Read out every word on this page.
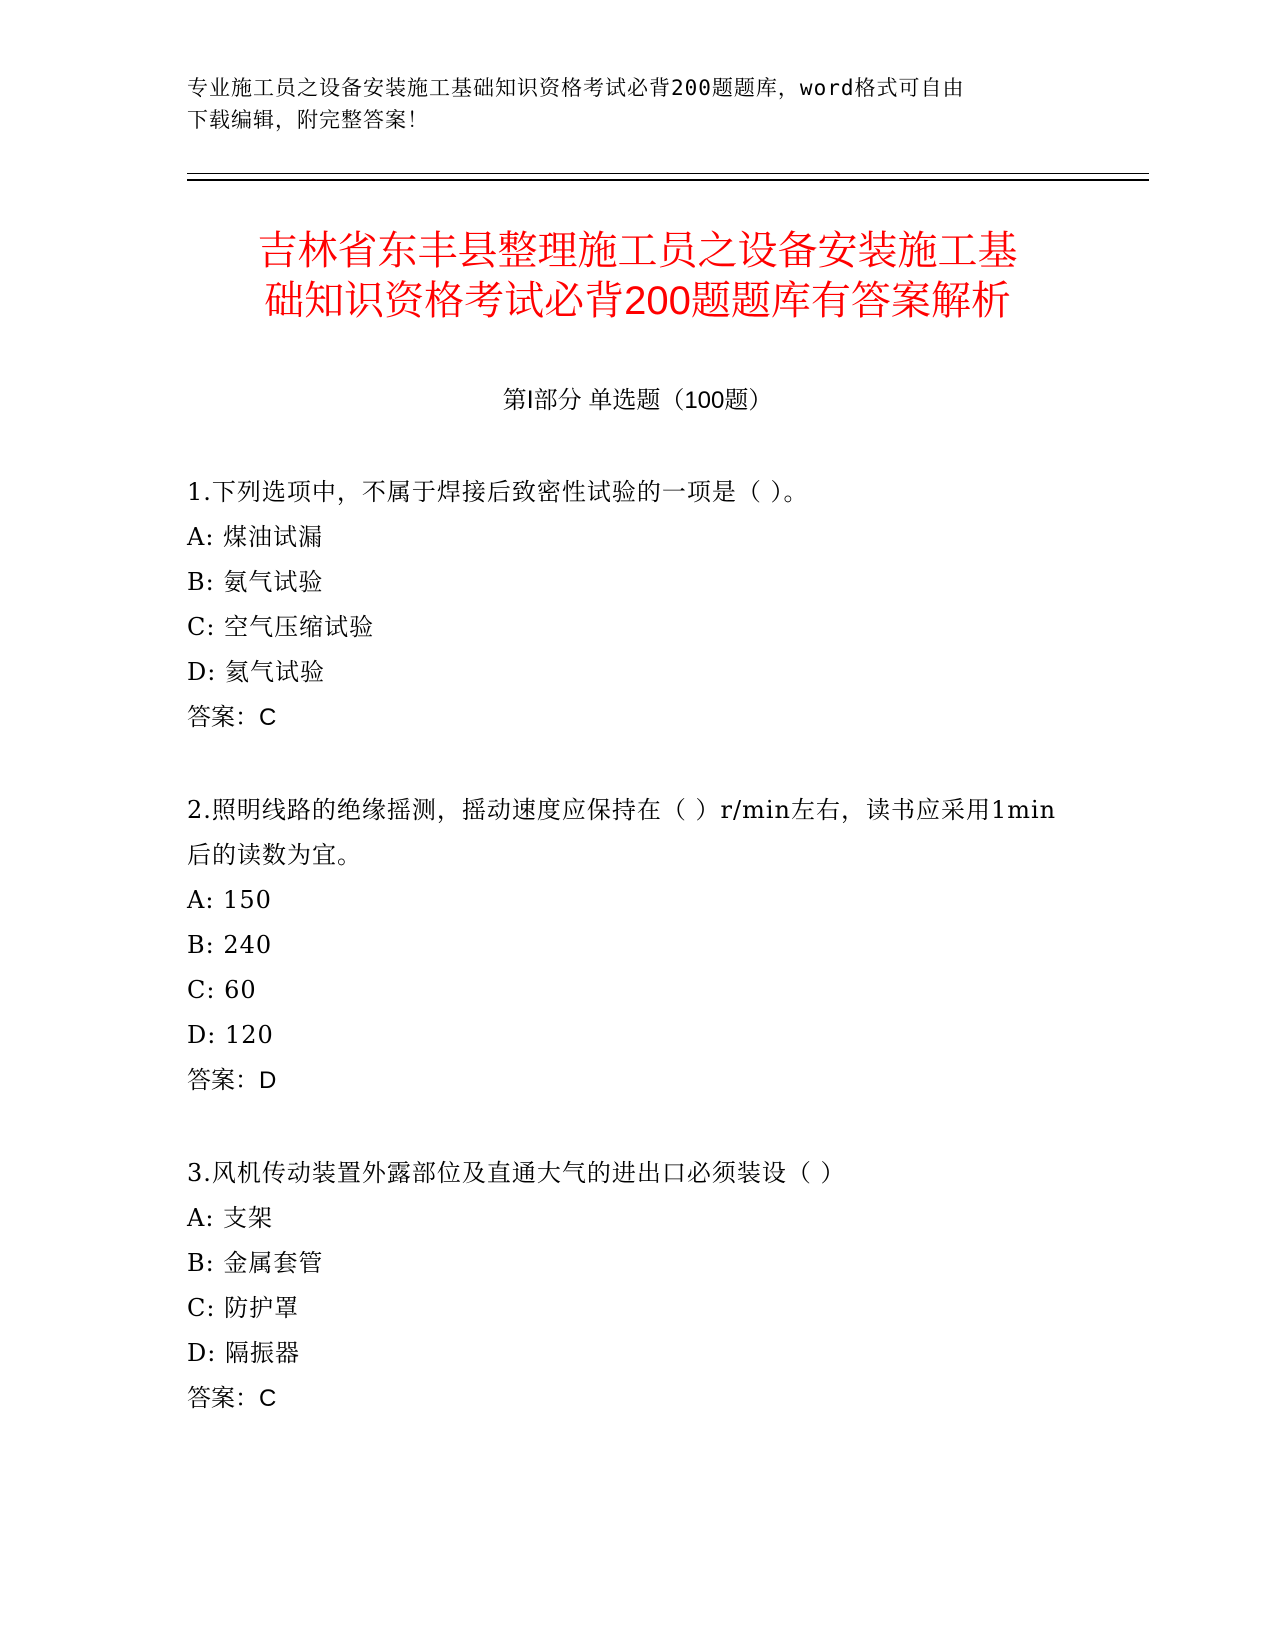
专业施工员之设备安装施工基础知识资格考试必背200题题库，word格式可自由
下载编辑，附完整答案！
吉林省东丰县整理施工员之设备安装施工基
础知识资格考试必背200题题库有答案解析
第Ⅰ部分 单选题（100题）

1.下列选项中，不属于焊接后致密性试验的一项是（ ）。

A: 煤油试漏

B: 氨气试验

C: 空气压缩试验

D: 氦气试验

答案：C

2.照明线路的绝缘摇测，摇动速度应保持在（ ）r/min左右，读书应采用1min后的读数为宜。

A: 150

B: 240

C: 60

D: 120

答案：D

3.风机传动装置外露部位及直通大气的进出口必须装设（ ）

A: 支架

B: 金属套管

C: 防护罩

D: 隔振器

答案：C
